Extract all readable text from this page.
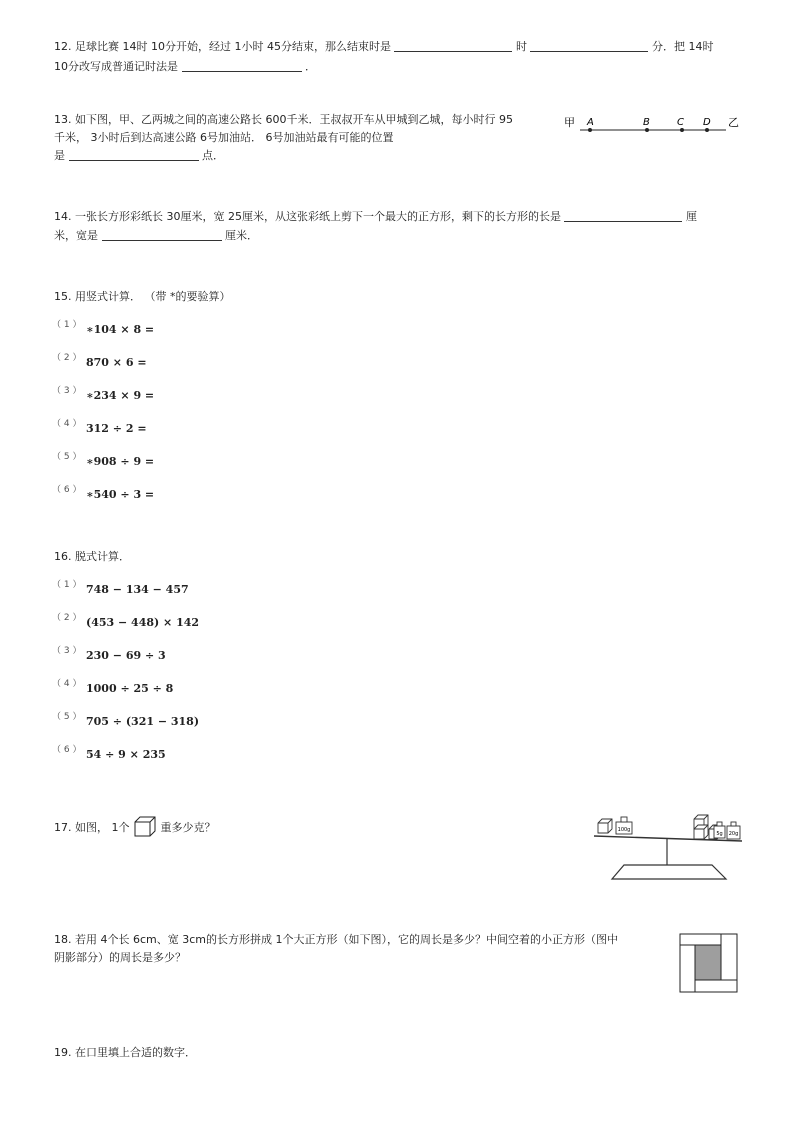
12. 足球比赛 14时 10分开始，经过 1小时 45分结束，那么结束时是	时	分．把 14时
10分改写成普通记时法是	．
13. 如下图，甲、乙两城之间的高速公路长 600千米．王叔叔开车从甲城到乙城，每小时行 95
千米， 3小时后到达高速公路 6号加油站． 6号加油站最有可能的位置
是	点．
甲	乙
A	B	C D
14. 一张长方形彩纸长 30厘米，宽 25厘米，从这张彩纸上剪下一个最大的正方形，剩下的长方形的长是	厘
米，宽是	厘米．
15. 用竖式计算． （带 *的要验算）
（ 1 ） ∗104 × 8 =
（ 2 ） 870 × 6 =
（ 3 ） ∗234 × 9 =
（ 4 ） 312 ÷ 2 =
（ 5 ） ∗908 ÷ 9 =
（ 6 ） ∗540 ÷ 3 =
16. 脱式计算．
（ 1 ） 748 − 134 − 457
（ 2 ） (453 − 448) × 142
（ 3 ） 230 − 69 ÷ 3
（ 4 ） 1000 ÷ 25 ÷ 8
（ 5 ） 705 ÷ (321 − 318)
（ 6 ） 54 ÷ 9 × 235
17. 如图， 1个	重多少克？	100g
5g 20g
18. 若用 4个长 6cm、宽 3cm的长方形拼成 1个大正方形（如下图），它的周长是多少？中间空着的小正方形（图中
阴影部分）的周长是多少？
19. 在口里填上合适的数字．
